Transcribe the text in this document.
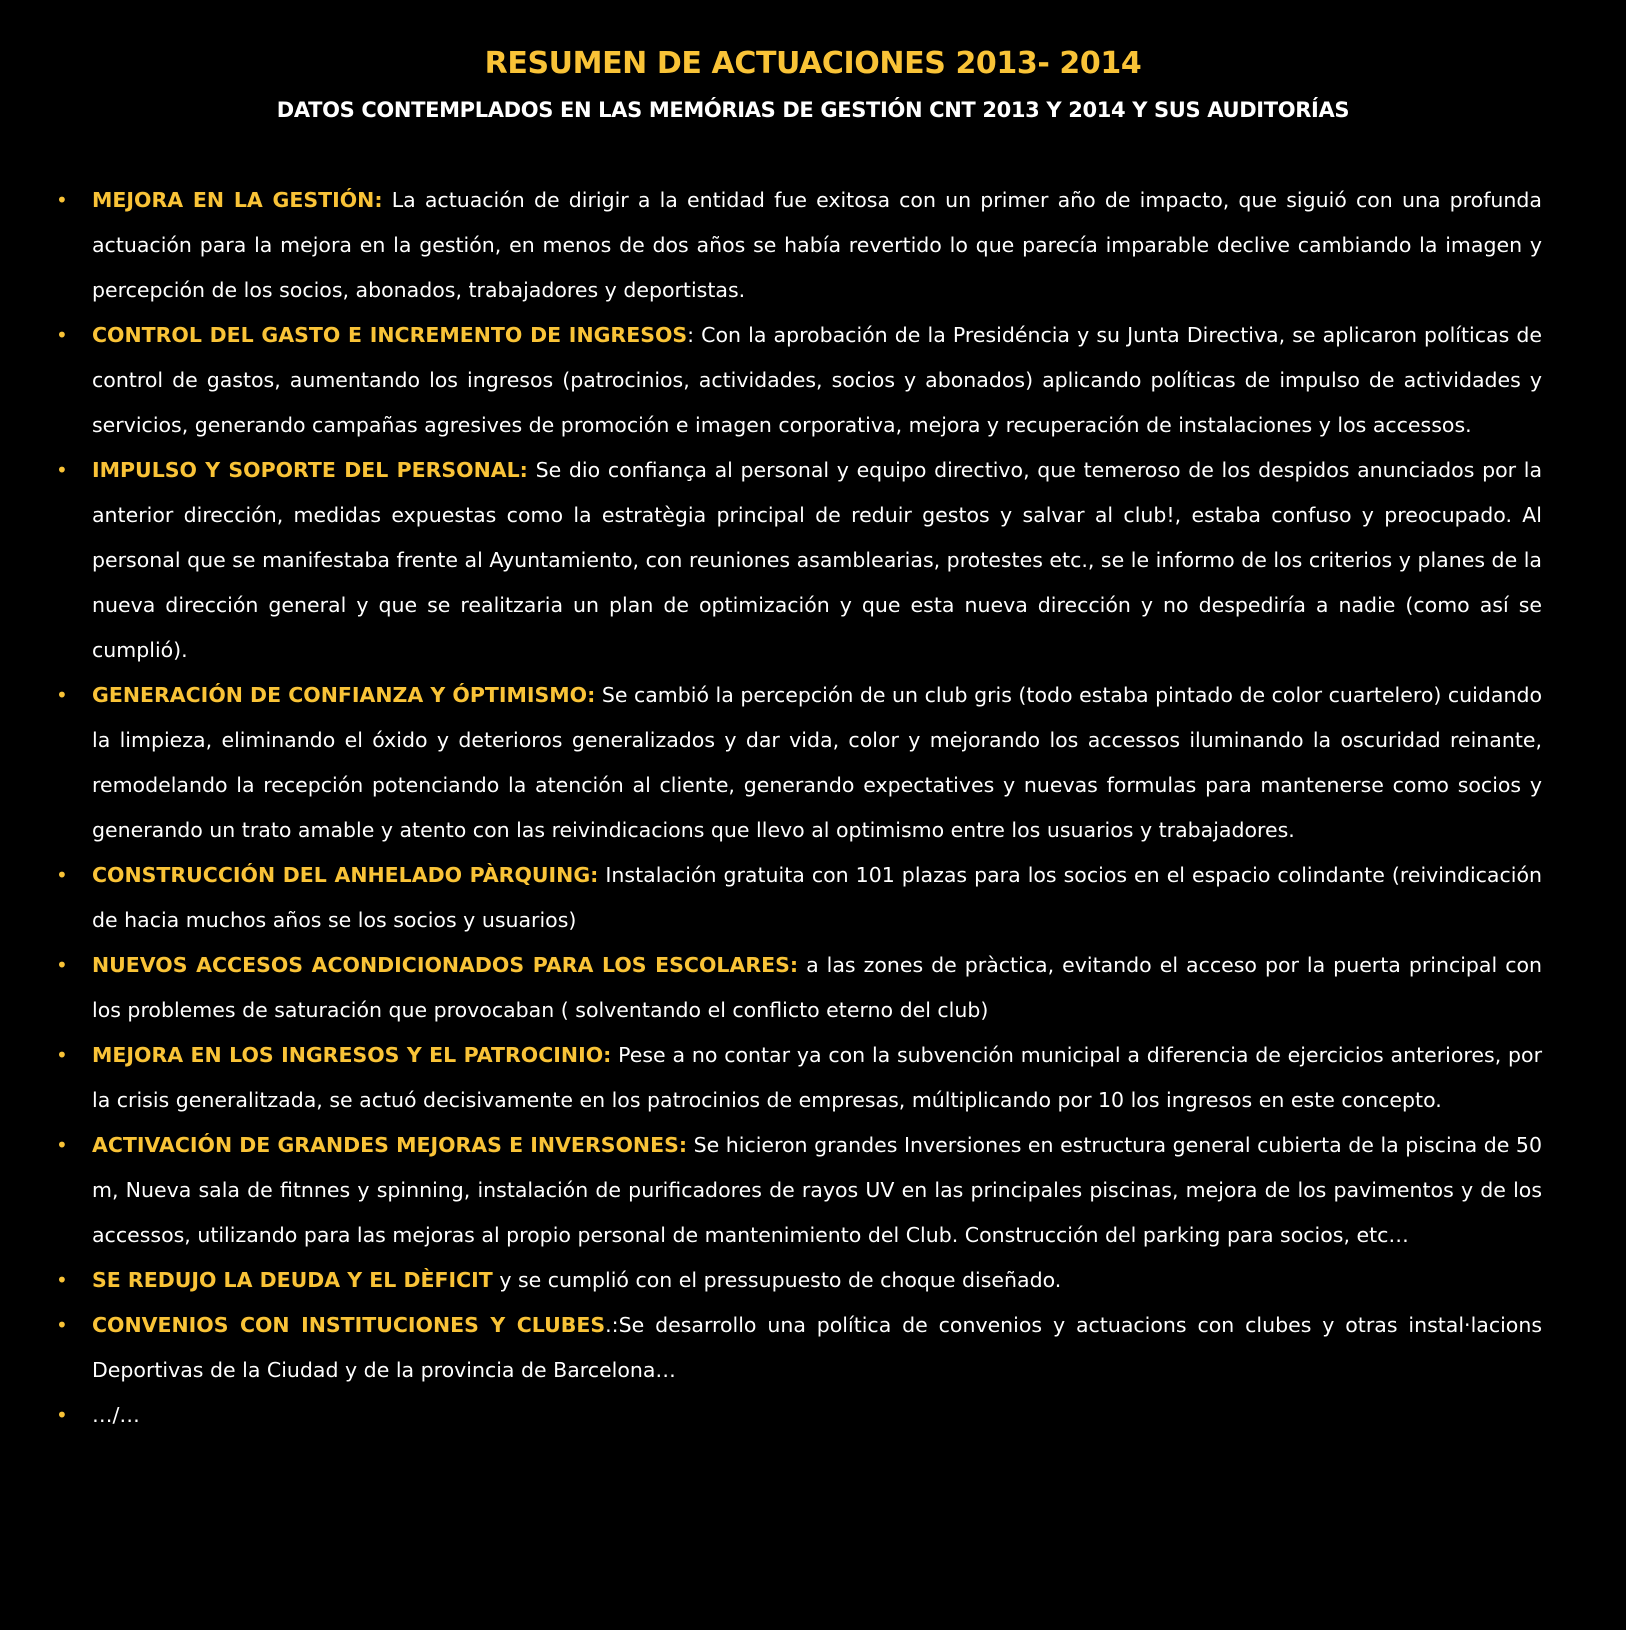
RESUMEN DE ACTUACIONES 2013- 2014
DATOS CONTEMPLADOS EN LAS MEMÓRIAS DE GESTIÓN CNT 2013 Y 2014 Y SUS AUDITORÍAS
•	MEJORA EN LA GESTIÓN: La actuación de dirigir a la entidad fue exitosa con un primer año de impacto, que siguió con una profunda actuación para la mejora en la gestión, en menos de dos años se había revertido lo que parecía imparable declive cambiando la imagen y percepción de los socios, abonados, trabajadores y deportistas.
•	CONTROL DEL GASTO E INCREMENTO DE INGRESOS: Con la aprobación de la Presidéncia y su Junta Directiva, se aplicaron políticas de control de gastos, aumentando los ingresos (patrocinios, actividades, socios y abonados) aplicando políticas de impulso de actividades y servicios, generando campañas agresives de promoción e imagen corporativa, mejora y recuperación de instalaciones y los accessos.
•	IMPULSO Y SOPORTE DEL PERSONAL: Se dio confiança al personal y equipo directivo, que temeroso de los despidos anunciados por la anterior dirección, medidas expuestas como la estratègia principal de reduir gestos y salvar al club!, estaba confuso y preocupado. Al personal que se manifestaba frente al Ayuntamiento, con reuniones asamblearias, protestes etc., se le informo de los criterios y planes de la nueva dirección general y que se realitzaria un plan de optimización y que esta nueva dirección y no despediría a nadie (como así se cumplió).
•	GENERACIÓN DE CONFIANZA Y ÓPTIMISMO: Se cambió la percepción de un club gris (todo estaba pintado de color cuartelero) cuidando la limpieza, eliminando el óxido y deterioros generalizados y dar vida, color y mejorando los accessos iluminando la oscuridad reinante, remodelando la recepción potenciando la atención al cliente, generando expectatives y nuevas formulas para mantenerse como socios y generando un trato amable y atento con las reivindicacions que llevo al optimismo entre los usuarios y trabajadores.
•	CONSTRUCCIÓN DEL ANHELADO PÀRQUING: Instalación gratuita con 101 plazas para los socios en el espacio colindante (reivindicación de hacia muchos años se los socios y usuarios)
•	NUEVOS ACCESOS ACONDICIONADOS PARA LOS ESCOLARES: a las zones de pràctica, evitando el acceso por la puerta principal con los problemes de saturación que provocaban ( solventando el conflicto eterno del club)
•	MEJORA EN LOS INGRESOS Y EL PATROCINIO: Pese a no contar ya con la subvención municipal a diferencia de ejercicios anteriores, por la crisis generalitzada, se actuó decisivamente en los patrocinios de empresas, múltiplicando por 10 los ingresos en este concepto.
•	ACTIVACIÓN DE GRANDES MEJORAS E INVERSONES: Se hicieron grandes Inversiones en estructura general cubierta de la piscina de 50 m, Nueva sala de fitnnes y spinning, instalación de purificadores de rayos UV en las principales piscinas, mejora de los pavimentos y de los accessos, utilizando para las mejoras al propio personal de mantenimiento del Club. Construcción del parking para socios, etc…
•	SE REDUJO LA DEUDA Y EL DÈFICIT y se cumplió con el pressupuesto de choque diseñado.
•	CONVENIOS CON INSTITUCIONES Y CLUBES.:Se desarrollo una política de convenios y actuacions con clubes y otras instal·lacions Deportivas de la Ciudad y de la provincia de Barcelona…
•	…/…
